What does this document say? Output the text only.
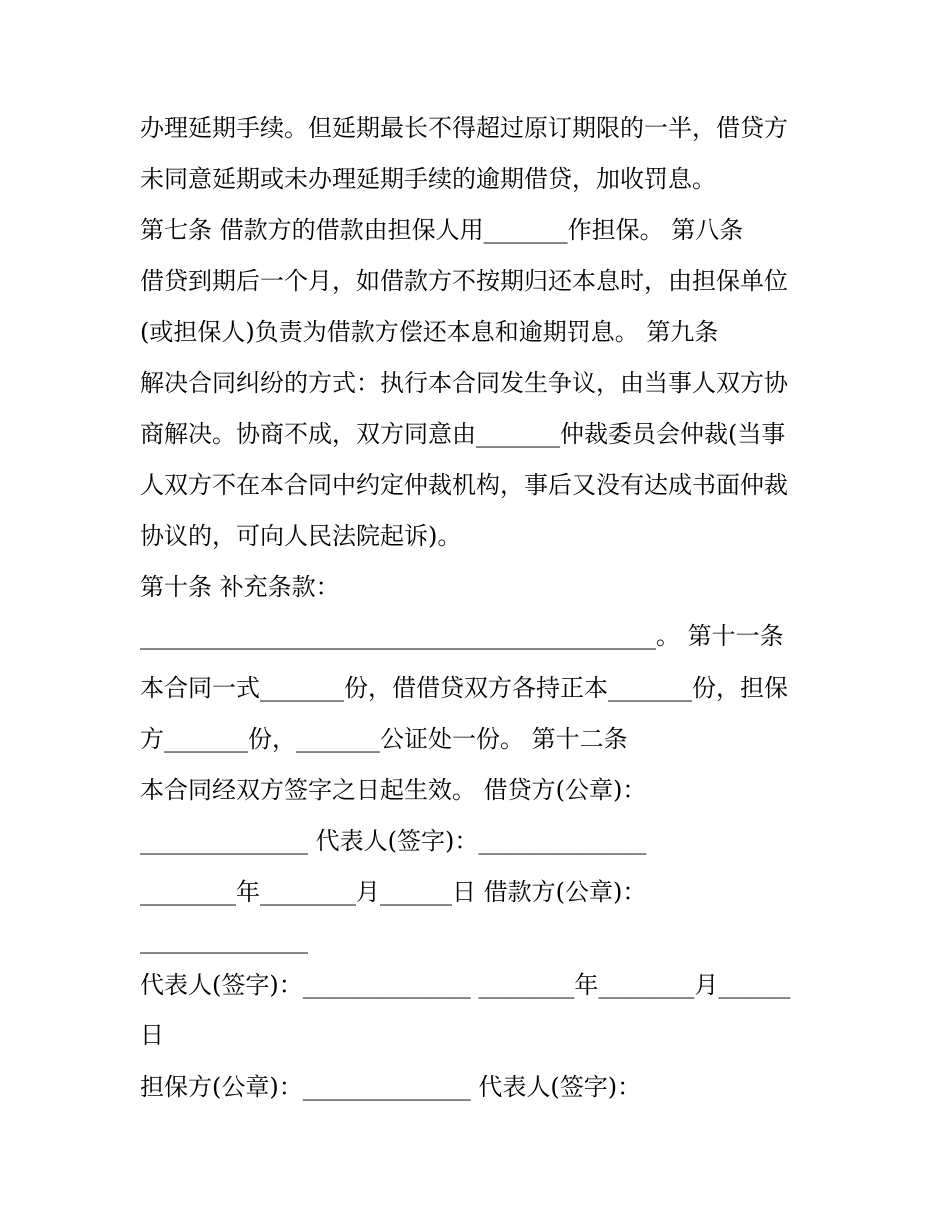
办理延期手续。但延期最长不得超过原订期限的一半，借贷方
未同意延期或未办理延期手续的逾期借贷，加收罚息。
第七条 借款方的借款由担保人用_______作担保。 第八条
借贷到期后一个月，如借款方不按期归还本息时，由担保单位
(或担保人)负责为借款方偿还本息和逾期罚息。 第九条
解决合同纠纷的方式：执行本合同发生争议，由当事人双方协
商解决。协商不成，双方同意由_______仲裁委员会仲裁(当事
人双方不在本合同中约定仲裁机构，事后又没有达成书面仲裁
协议的，可向人民法院起诉)。
第十条 补充条款：
___________________________________________。 第十一条
本合同一式_______份，借借贷双方各持正本_______份，担保
方_______份，_______公证处一份。 第十二条
本合同经双方签字之日起生效。 借贷方(公章)：
______________ 代表人(签字)：______________
________年________月______日 借款方(公章)：
______________
代表人(签字)：______________ ________年________月______
日
担保方(公章)：______________ 代表人(签字)：
